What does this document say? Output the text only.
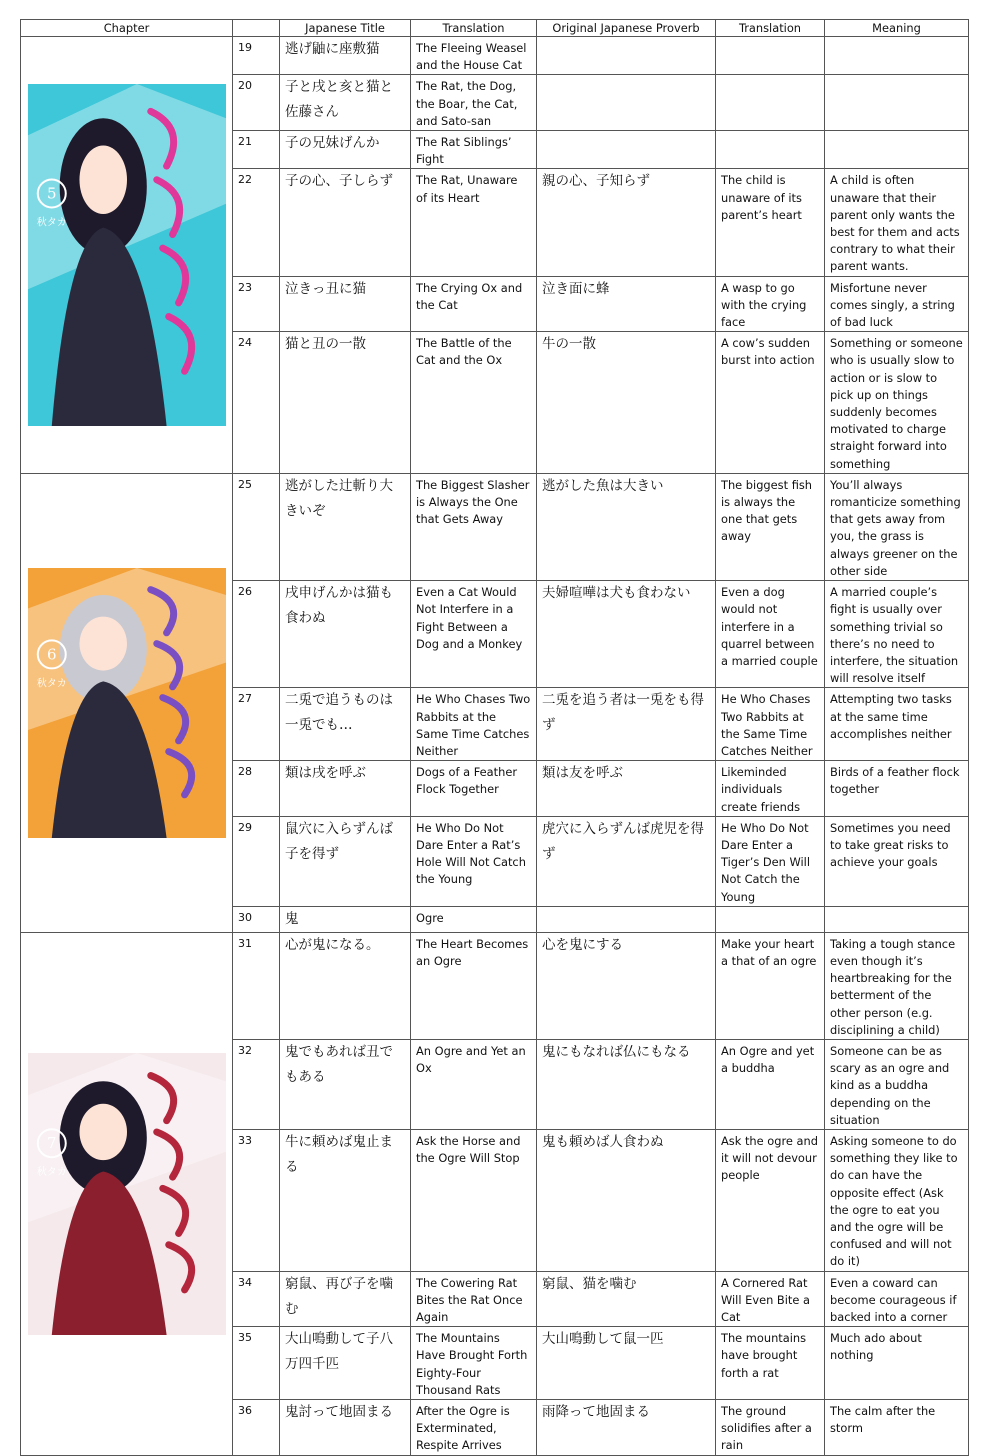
Chapter		Japanese Title	Translation	Original Japanese Proverb	Translation	Meaning

5
秋タカ	19	逃げ鼬に座敷猫	The Fleeing Weasel and the House Cat			
	20	子と戌と亥と猫と佐藤さん	The Rat, the Dog, the Boar, the Cat, and Sato-san			
	21	子の兄妹げんか	The Rat Siblings’ Fight			
	22	子の心、子しらず	The Rat, Unaware of its Heart	親の心、子知らず	The child is unaware of its parent’s heart	A child is often unaware that their parent only wants the best for them and acts contrary to what their parent wants.
	23	泣きっ丑に猫	The Crying Ox and the Cat	泣き面に蜂	A wasp to go with the crying face	Misfortune never comes singly, a string of bad luck
	24	猫と丑の一散	The Battle of the Cat and the Ox	牛の一散	A cow’s sudden burst into action	Something or someone who is usually slow to action or is slow to pick up on things suddenly becomes motivated to charge straight forward into something

6
秋タカ	25	逃がした辻斬り大きいぞ	The Biggest Slasher is Always the One that Gets Away	逃がした魚は大きい	The biggest fish is always the one that gets away	You’ll always romanticize something that gets away from you, the grass is always greener on the other side
	26	戌申げんかは猫も食わぬ	Even a Cat Would Not Interfere in a Fight Between a Dog and a Monkey	夫婦喧嘩は犬も食わない	Even a dog would not interfere in a quarrel between a married couple	A married couple’s fight is usually over something trivial so there’s no need to interfere, the situation will resolve itself
	27	二兎で追うものは一兎でも…	He Who Chases Two Rabbits at the Same Time Catches Neither	二兎を追う者は一兎をも得ず	He Who Chases Two Rabbits at the Same Time Catches Neither	Attempting two tasks at the same time accomplishes neither
	28	類は戌を呼ぶ	Dogs of a Feather Flock Together	類は友を呼ぶ	Likeminded individuals create friends	Birds of a feather flock together
	29	鼠穴に入らずんば子を得ず	He Who Do Not Dare Enter a Rat’s Hole Will Not Catch the Young	虎穴に入らずんば虎児を得ず	He Who Do Not Dare Enter a Tiger’s Den Will Not Catch the Young	Sometimes you need to take great risks to achieve your goals
	30	鬼	Ogre			

7
秋タカ	31	心が鬼になる。	The Heart Becomes an Ogre	心を鬼にする	Make your heart a that of an ogre	Taking a tough stance even though it’s heartbreaking for the betterment of the other person (e.g. disciplining a child)
	32	鬼でもあれば丑でもある	An Ogre and Yet an Ox	鬼にもなれば仏にもなる	An Ogre and yet a buddha	Someone can be as scary as an ogre and kind as a buddha depending on the situation
	33	牛に頼めば鬼止まる	Ask the Horse and the Ogre Will Stop	鬼も頼めば人食わぬ	Ask the ogre and it will not devour people	Asking someone to do something they like to do can have the opposite effect (Ask the ogre to eat you and the ogre will be confused and will not do it)
	34	窮鼠、再び子を噛む	The Cowering Rat Bites the Rat Once Again	窮鼠、猫を噛む	A Cornered Rat Will Even Bite a Cat	Even a coward can become courageous if backed into a corner
	35	大山鳴動して子八万四千匹	The Mountains Have Brought Forth Eighty-Four Thousand Rats	大山鳴動して鼠一匹	The mountains have brought forth a rat	Much ado about nothing
	36	鬼討って地固まる	After the Ogre is Exterminated, Respite Arrives	雨降って地固まる	The ground solidifies after a rain	The calm after the storm
